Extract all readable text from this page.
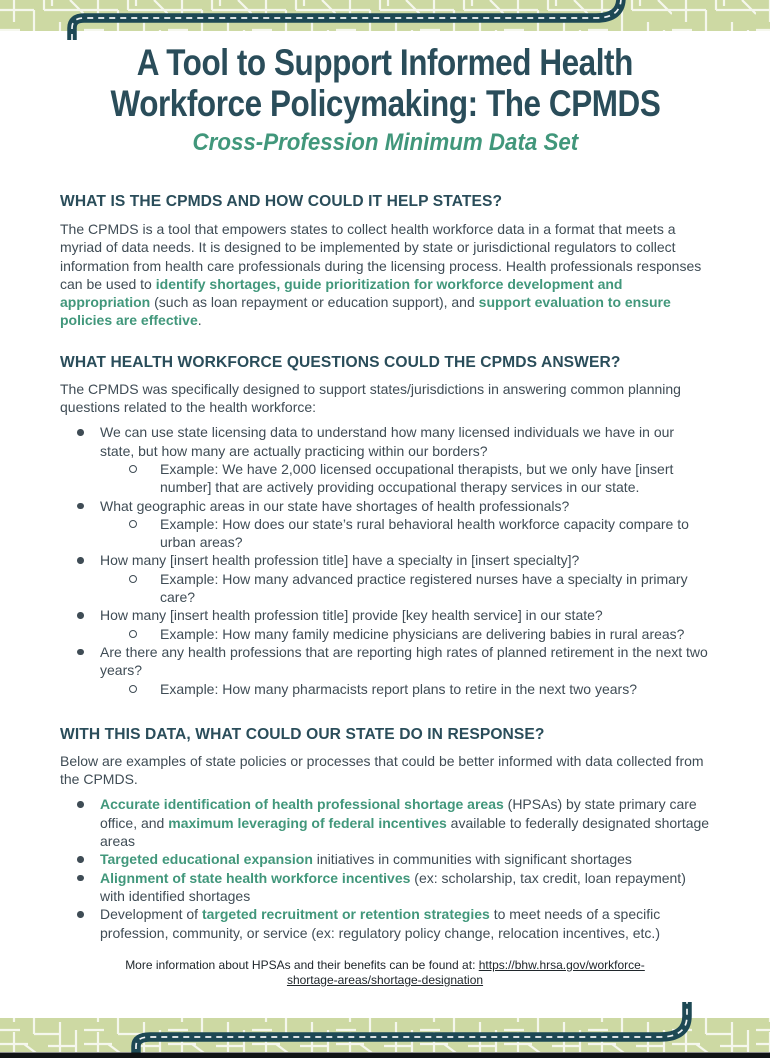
A Tool to Support Informed Health
Workforce Policymaking: The CPMDS
Cross-Profession Minimum Data Set
WHAT IS THE CPMDS AND HOW COULD IT HELP STATES?

The CPMDS is a tool that empowers states to collect health workforce data in a format that meets a myriad of data needs. It is designed to be implemented by state or jurisdictional regulators to collect information from health care professionals during the licensing process. Health professionals responses can be used to identify shortages, guide prioritization for workforce development and appropriation (such as loan repayment or education support), and support evaluation to ensure policies are effective.

WHAT HEALTH WORKFORCE QUESTIONS COULD THE CPMDS ANSWER?

The CPMDS was specifically designed to support states/jurisdictions in answering common planning questions related to the health workforce:

We can use state licensing data to understand how many licensed individuals we have in our state, but how many are actually practicing within our borders?
Example: We have 2,000 licensed occupational therapists, but we only have [insert number] that are actively providing occupational therapy services in our state.
What geographic areas in our state have shortages of health professionals?
Example: How does our state’s rural behavioral health workforce capacity compare to urban areas?
How many [insert health profession title] have a specialty in [insert specialty]?
Example: How many advanced practice registered nurses have a specialty in primary care?
How many [insert health profession title] provide [key health service] in our state?
Example: How many family medicine physicians are delivering babies in rural areas?
Are there any health professions that are reporting high rates of planned retirement in the next two years?
Example: How many pharmacists report plans to retire in the next two years?
WITH THIS DATA, WHAT COULD OUR STATE DO IN RESPONSE?

Below are examples of state policies or processes that could be better informed with data collected from the CPMDS.

Accurate identification of health professional shortage areas (HPSAs) by state primary care office, and maximum leveraging of federal incentives available to federally designated shortage areas
Targeted educational expansion initiatives in communities with significant shortages
Alignment of state health workforce incentives (ex: scholarship, tax credit, loan repayment) with identified shortages
Development of targeted recruitment or retention strategies to meet needs of a specific profession, community, or service (ex: regulatory policy change, relocation incentives, etc.)
More information about HPSAs and their benefits can be found at: https://bhw.hrsa.gov/workforce-shortage-areas/shortage-designation
